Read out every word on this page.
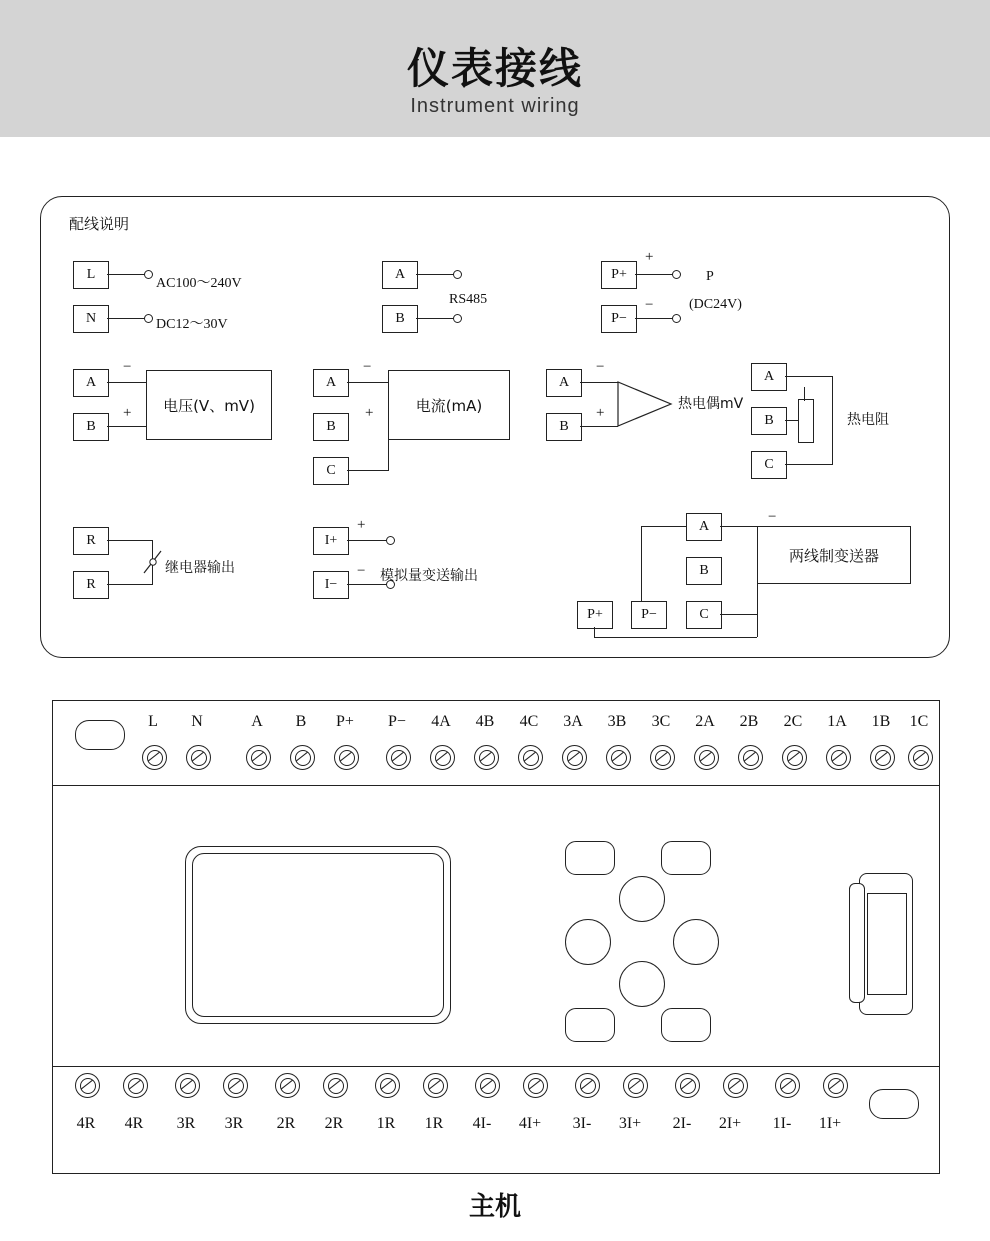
仪表接线
Instrument wiring
配线说明
L
N
AC100～240V
DC12～30V
A
B
RS485
P+
P−
+
−
P
(DC24V)
A
B
−
+	电压(V、mV)
A
B
C
−
+	电流(mA)
A
B
−
+
热电偶mV
A
B
C
热电阻
R
R
继电器输出
I+
I−
+
− 模拟量变送输出
A
B
C
P+	P−
−
两线制变送器
L	N	A	B	P+	P−	4A	4B	4C	3A	3B	3C	2A	2B	2C	1A	1B	1C
4R	4R	3R	3R	2R	2R	1R	1R	4I-	4I+	3I-	3I+	2I-	2I+	1I-	1I+
主机
